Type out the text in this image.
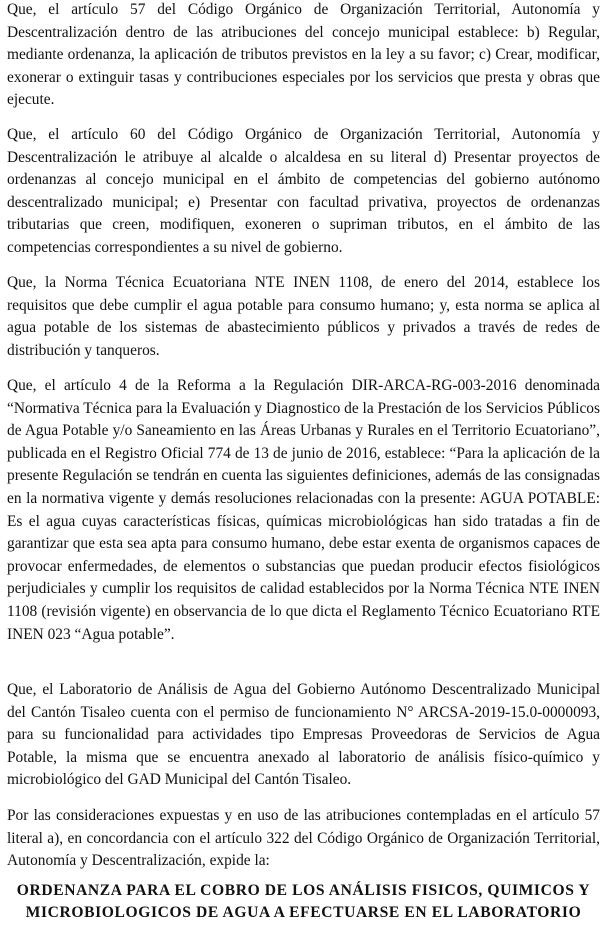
Que, el artículo 57 del Código Orgánico de Organización Territorial, Autonomía y Descentralización dentro de las atribuciones del concejo municipal establece: b) Regular, mediante ordenanza, la aplicación de tributos previstos en la ley a su favor; c) Crear, modificar, exonerar o extinguir tasas y contribuciones especiales por los servicios que presta y obras que ejecute.

Que, el artículo 60 del Código Orgánico de Organización Territorial, Autonomía y Descentralización le atribuye al alcalde o alcaldesa en su literal d) Presentar proyectos de ordenanzas al concejo municipal en el ámbito de competencias del gobierno autónomo descentralizado municipal; e) Presentar con facultad privativa, proyectos de ordenanzas tributarias que creen, modifiquen, exoneren o supriman tributos, en el ámbito de las competencias correspondientes a su nivel de gobierno.

Que, la Norma Técnica Ecuatoriana NTE INEN 1108, de enero del 2014, establece los requisitos que debe cumplir el agua potable para consumo humano; y, esta norma se aplica al agua potable de los sistemas de abastecimiento públicos y privados a través de redes de distribución y tanqueros.

Que, el artículo 4 de la Reforma a la Regulación DIR-ARCA-RG-003-2016 denominada “Normativa Técnica para la Evaluación y Diagnostico de la Prestación de los Servicios Públicos de Agua Potable y/o Saneamiento en las Áreas Urbanas y Rurales en el Territorio Ecuatoriano”, publicada en el Registro Oficial 774 de 13 de junio de 2016, establece: “Para la aplicación de la presente Regulación se tendrán en cuenta las siguientes definiciones, además de las consignadas en la normativa vigente y demás resoluciones relacionadas con la presente: AGUA POTABLE: Es el agua cuyas características físicas, químicas microbiológicas han sido tratadas a fin de garantizar que esta sea apta para consumo humano, debe estar exenta de organismos capaces de provocar enfermedades, de elementos o substancias que puedan producir efectos fisiológicos perjudiciales y cumplir los requisitos de calidad establecidos por la Norma Técnica NTE INEN 1108 (revisión vigente) en observancia de lo que dicta el Reglamento Técnico Ecuatoriano RTE INEN 023 “Agua potable”.

Que, el Laboratorio de Análisis de Agua del Gobierno Autónomo Descentralizado Municipal del Cantón Tisaleo cuenta con el permiso de funcionamiento N° ARCSA-2019-15.0-0000093, para su funcionalidad para actividades tipo Empresas Proveedoras de Servicios de Agua Potable, la misma que se encuentra anexado al laboratorio de análisis físico-químico y microbiológico del GAD Municipal del Cantón Tisaleo.

Por las consideraciones expuestas y en uso de las atribuciones contempladas en el artículo 57 literal a), en concordancia con el artículo 322 del Código Orgánico de Organización Territorial, Autonomía y Descentralización, expide la:

ORDENANZA PARA EL COBRO DE LOS ANÁLISIS FISICOS, QUIMICOS Y MICROBIOLOGICOS DE AGUA A EFECTUARSE EN EL LABORATORIO
